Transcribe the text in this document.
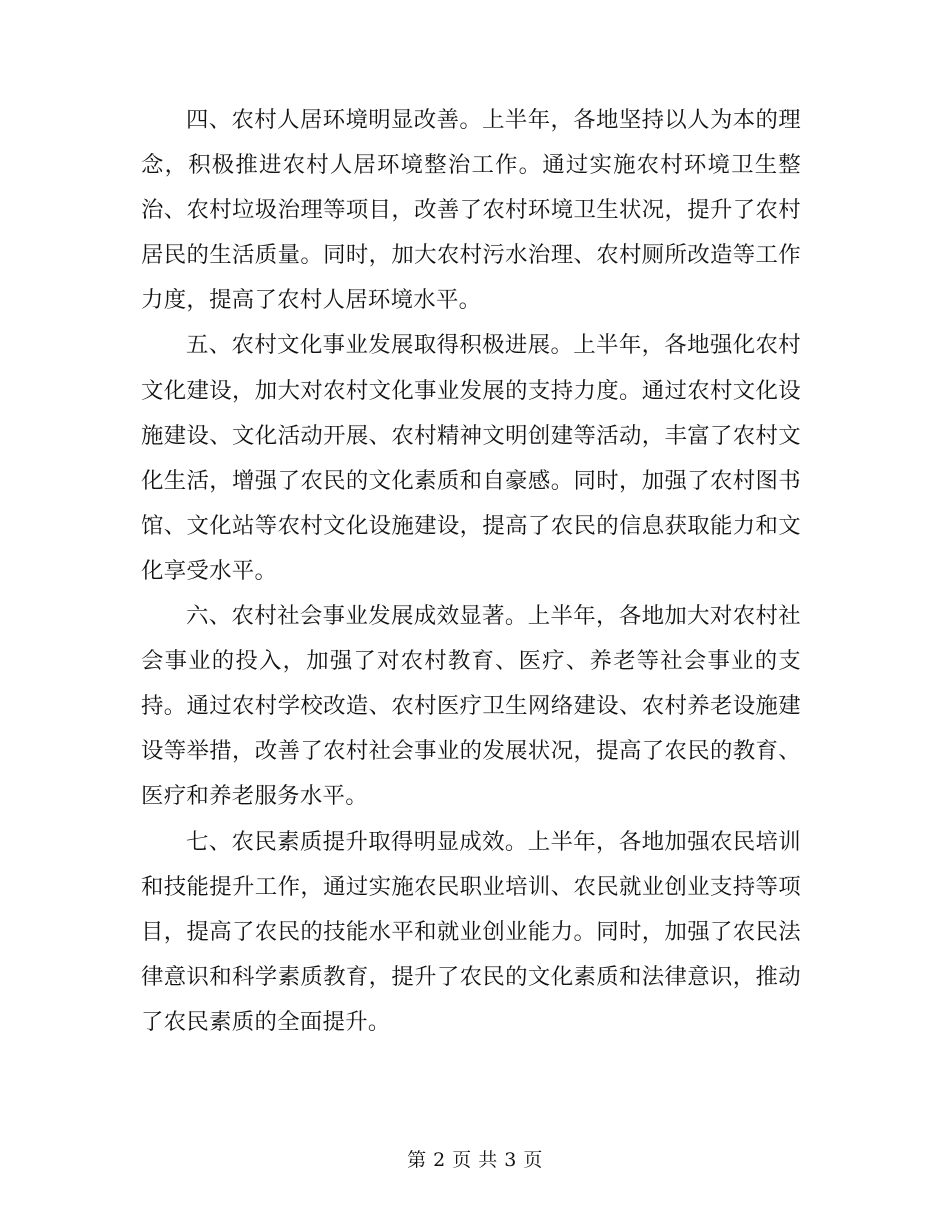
四、农村人居环境明显改善。上半年，各地坚持以人为本的理念，积极推进农村人居环境整治工作。通过实施农村环境卫生整治、农村垃圾治理等项目，改善了农村环境卫生状况，提升了农村居民的生活质量。同时，加大农村污水治理、农村厕所改造等工作力度，提高了农村人居环境水平。

五、农村文化事业发展取得积极进展。上半年，各地强化农村文化建设，加大对农村文化事业发展的支持力度。通过农村文化设施建设、文化活动开展、农村精神文明创建等活动，丰富了农村文化生活，增强了农民的文化素质和自豪感。同时，加强了农村图书馆、文化站等农村文化设施建设，提高了农民的信息获取能力和文化享受水平。

六、农村社会事业发展成效显著。上半年，各地加大对农村社会事业的投入，加强了对农村教育、医疗、养老等社会事业的支持。通过农村学校改造、农村医疗卫生网络建设、农村养老设施建设等举措，改善了农村社会事业的发展状况，提高了农民的教育、医疗和养老服务水平。

七、农民素质提升取得明显成效。上半年，各地加强农民培训和技能提升工作，通过实施农民职业培训、农民就业创业支持等项目，提高了农民的技能水平和就业创业能力。同时，加强了农民法律意识和科学素质教育，提升了农民的文化素质和法律意识，推动了农民素质的全面提升。

第 2 页 共 3 页
